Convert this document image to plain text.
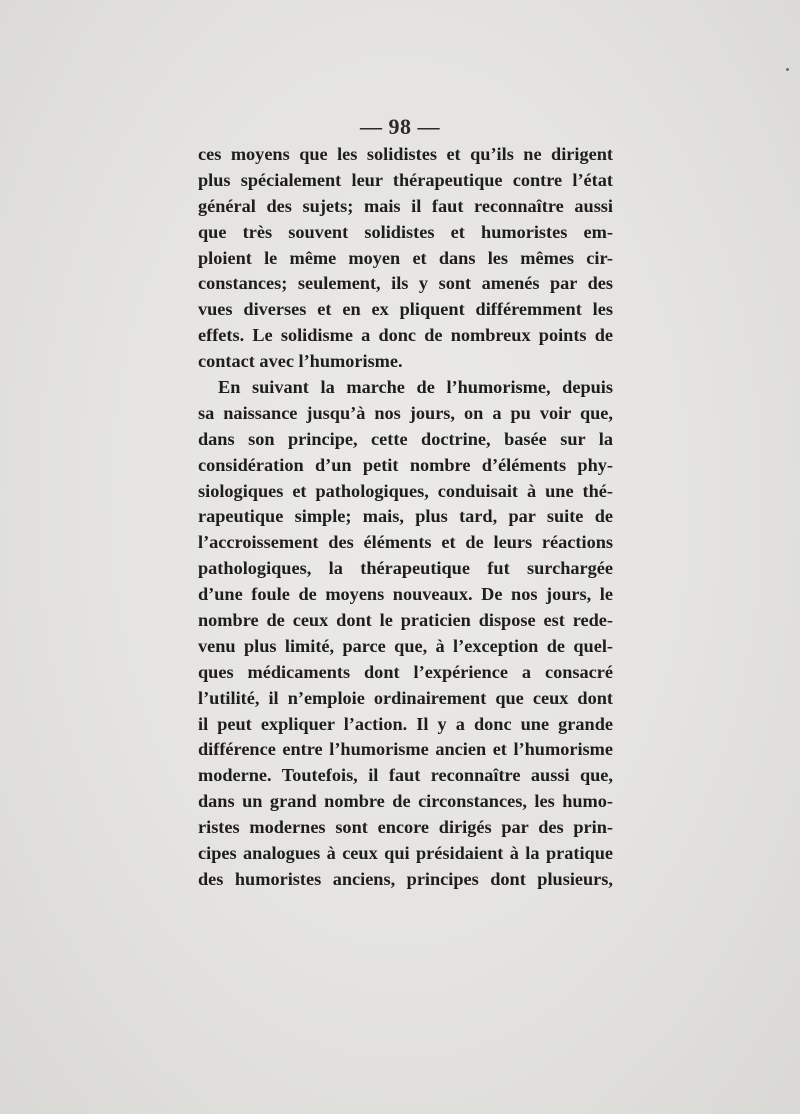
— 98 —
ces moyens que les solidistes et qu’ils ne dirigent
plus spécialement leur thérapeutique contre l’état
général des sujets; mais il faut reconnaître aussi
que très souvent solidistes et humoristes em-
ploient le même moyen et dans les mêmes cir-
constances; seulement, ils y sont amenés par des
vues diverses et en ex pliquent différemment les
effets. Le solidisme a donc de nombreux points de
contact avec l’humorisme.
En suivant la marche de l’humorisme, depuis
sa naissance jusqu’à nos jours, on a pu voir que,
dans son principe, cette doctrine, basée sur la
considération d’un petit nombre d’éléments phy-
siologiques et pathologiques, conduisait à une thé-
rapeutique simple; mais, plus tard, par suite de
l’accroissement des éléments et de leurs réactions
pathologiques, la thérapeutique fut surchargée
d’une foule de moyens nouveaux. De nos jours, le
nombre de ceux dont le praticien dispose est rede-
venu plus limité, parce que, à l’exception de quel-
ques médicaments dont l’expérience a consacré
l’utilité, il n’emploie ordinairement que ceux dont
il peut expliquer l’action. Il y a donc une grande
différence entre l’humorisme ancien et l’humorisme
moderne. Toutefois, il faut reconnaître aussi que,
dans un grand nombre de circonstances, les humo-
ristes modernes sont encore dirigés par des prin-
cipes analogues à ceux qui présidaient à la pratique
des humoristes anciens, principes dont plusieurs,
